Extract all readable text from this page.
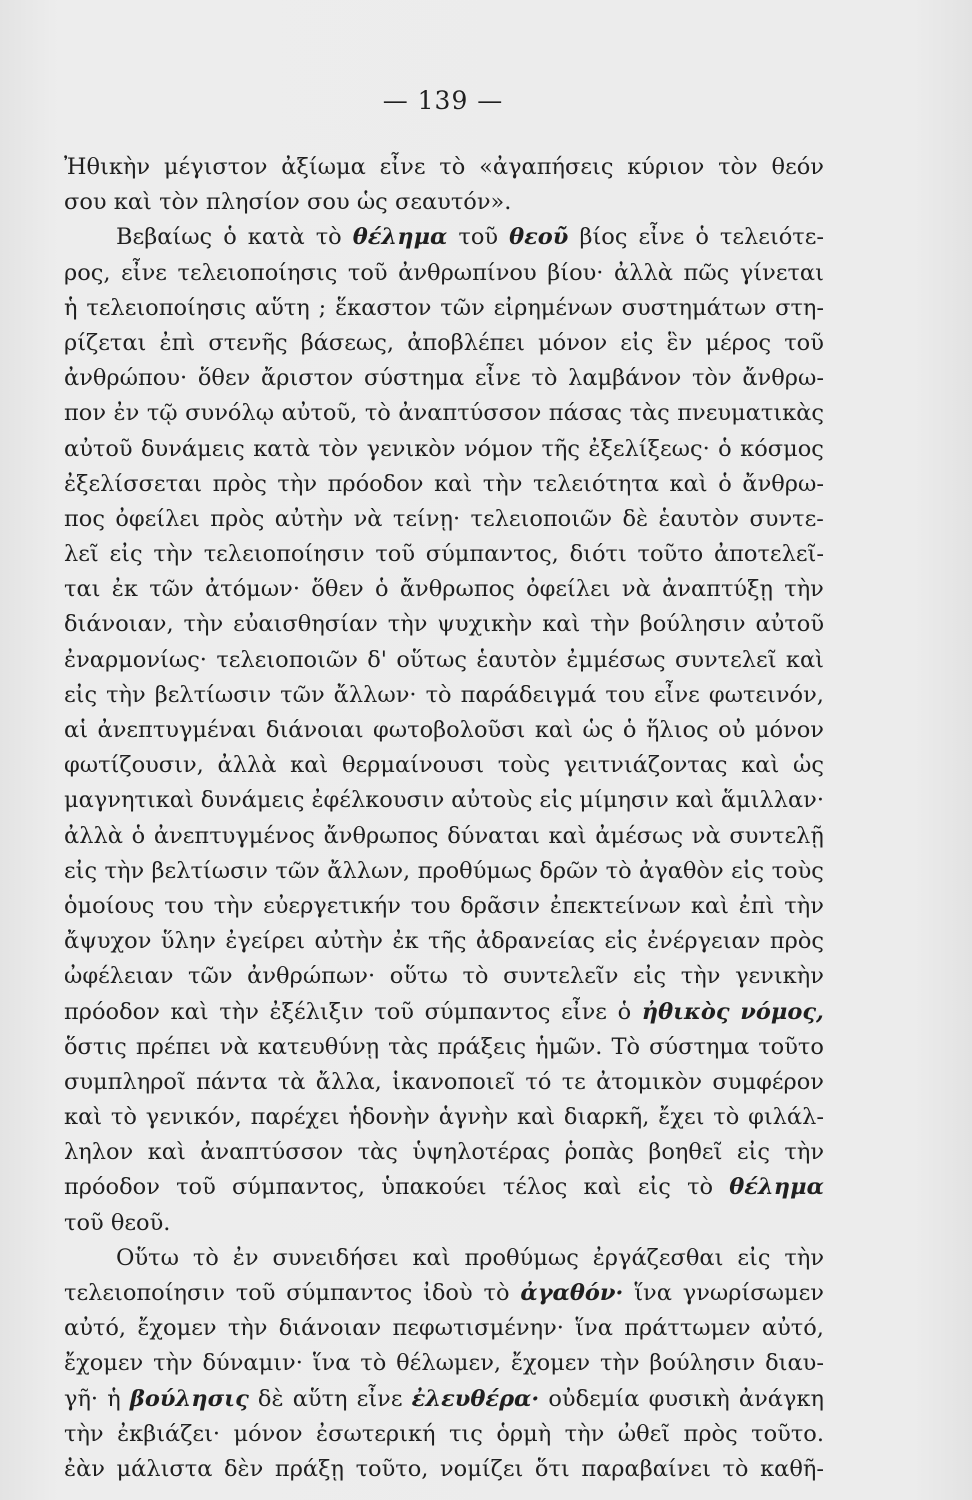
— 139 —
Ἠθικὴν μέγιστον ἀξίωμα εἶνε τὸ «ἀγαπήσεις κύριον τὸν θεόν
σου καὶ τὸν πλησίον σου ὡς σεαυτόν».
Βεβαίως ὁ κατὰ τὸ θέλημα τοῦ θεοῦ βίος εἶνε ὁ τελειότε-
ρος, εἶνε τελειοποίησις τοῦ ἀνθρωπίνου βίου· ἀλλὰ πῶς γίνεται
ἡ τελειοποίησις αὕτη ; ἕκαστον τῶν εἰρημένων συστημάτων στη-
ρίζεται ἐπὶ στενῆς βάσεως, ἀποβλέπει μόνον εἰς ἓν μέρος τοῦ
ἀνθρώπου· ὅθεν ἄριστον σύστημα εἶνε τὸ λαμβάνον τὸν ἄνθρω-
πον ἐν τῷ συνόλῳ αὐτοῦ, τὸ ἀναπτύσσον πάσας τὰς πνευματικὰς
αὐτοῦ δυνάμεις κατὰ τὸν γενικὸν νόμον τῆς ἐξελίξεως· ὁ κόσμος
ἐξελίσσεται πρὸς τὴν πρόοδον καὶ τὴν τελειότητα καὶ ὁ ἄνθρω-
πος ὀφείλει πρὸς αὐτὴν νὰ τείνῃ· τελειοποιῶν δὲ ἑαυτὸν συντε-
λεῖ εἰς τὴν τελειοποίησιν τοῦ σύμπαντος, διότι τοῦτο ἀποτελεῖ-
ται ἐκ τῶν ἀτόμων· ὅθεν ὁ ἄνθρωπος ὀφείλει νὰ ἀναπτύξῃ τὴν
διάνοιαν, τὴν εὐαισθησίαν τὴν ψυχικὴν καὶ τὴν βούλησιν αὐτοῦ
ἐναρμονίως· τελειοποιῶν δ' οὕτως ἑαυτὸν ἐμμέσως συντελεῖ καὶ
εἰς τὴν βελτίωσιν τῶν ἄλλων· τὸ παράδειγμά του εἶνε φωτεινόν,
αἱ ἀνεπτυγμέναι διάνοιαι φωτοβολοῦσι καὶ ὡς ὁ ἥλιος οὐ μόνον
φωτίζουσιν, ἀλλὰ καὶ θερμαίνουσι τοὺς γειτνιάζοντας καὶ ὡς
μαγνητικαὶ δυνάμεις ἐφέλκουσιν αὐτοὺς εἰς μίμησιν καὶ ἅμιλλαν·
ἀλλὰ ὁ ἀνεπτυγμένος ἄνθρωπος δύναται καὶ ἀμέσως νὰ συντελῇ
εἰς τὴν βελτίωσιν τῶν ἄλλων, προθύμως δρῶν τὸ ἀγαθὸν εἰς τοὺς
ὁμοίους του τὴν εὐεργετικήν του δρᾶσιν ἐπεκτείνων καὶ ἐπὶ τὴν
ἄψυχον ὕλην ἐγείρει αὐτὴν ἐκ τῆς ἀδρανείας εἰς ἐνέργειαν πρὸς
ὠφέλειαν τῶν ἀνθρώπων· οὕτω τὸ συντελεῖν εἰς τὴν γενικὴν
πρόοδον καὶ τὴν ἐξέλιξιν τοῦ σύμπαντος εἶνε ὁ ἠθικὸς νόμος,
ὅστις πρέπει νὰ κατευθύνῃ τὰς πράξεις ἡμῶν. Τὸ σύστημα τοῦτο
συμπληροῖ πάντα τὰ ἄλλα, ἱκανοποιεῖ τό τε ἀτομικὸν συμφέρον
καὶ τὸ γενικόν, παρέχει ἡδονὴν ἁγνὴν καὶ διαρκῆ, ἔχει τὸ φιλάλ-
ληλον καὶ ἀναπτύσσον τὰς ὑψηλοτέρας ῥοπὰς βοηθεῖ εἰς τὴν
πρόοδον τοῦ σύμπαντος, ὑπακούει τέλος καὶ εἰς τὸ θέλημα
τοῦ θεοῦ.
Οὕτω τὸ ἐν συνειδήσει καὶ προθύμως ἐργάζεσθαι εἰς τὴν
τελειοποίησιν τοῦ σύμπαντος ἰδοὺ τὸ ἀγαθόν· ἵνα γνωρίσωμεν
αὐτό, ἔχομεν τὴν διάνοιαν πεφωτισμένην· ἵνα πράττωμεν αὐτό,
ἔχομεν τὴν δύναμιν· ἵνα τὸ θέλωμεν, ἔχομεν τὴν βούλησιν διαυ-
γῆ· ἡ βούλησις δὲ αὕτη εἶνε ἐλευθέρα· οὐδεμία φυσικὴ ἀνάγκη
τὴν ἐκβιάζει· μόνον ἐσωτερική τις ὁρμὴ τὴν ὠθεῖ πρὸς τοῦτο.
ἐὰν μάλιστα δὲν πράξῃ τοῦτο, νομίζει ὅτι παραβαίνει τὸ καθῆ-
